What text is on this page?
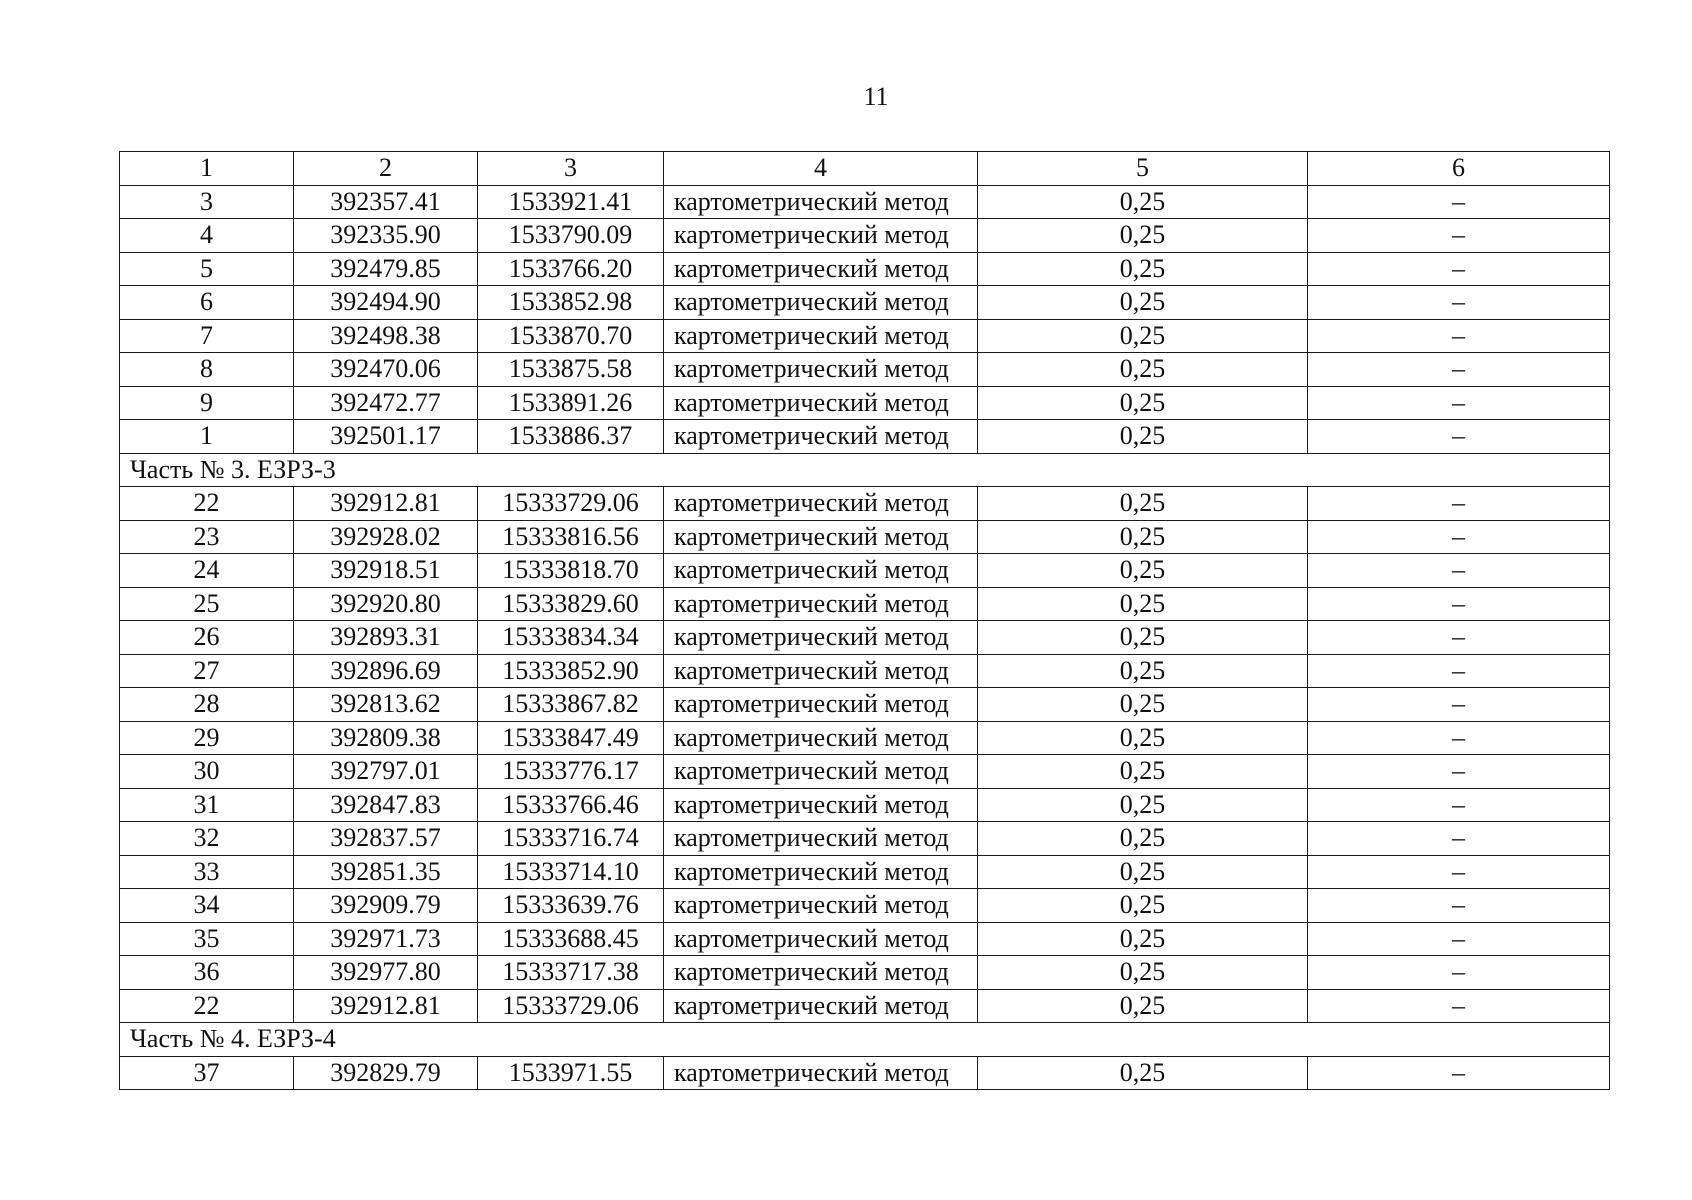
11
1	2	3	4	5	6
3	392357.41	1533921.41	картометрический метод	0,25	–
4	392335.90	1533790.09	картометрический метод	0,25	–
5	392479.85	1533766.20	картометрический метод	0,25	–
6	392494.90	1533852.98	картометрический метод	0,25	–
7	392498.38	1533870.70	картометрический метод	0,25	–
8	392470.06	1533875.58	картометрический метод	0,25	–
9	392472.77	1533891.26	картометрический метод	0,25	–
1	392501.17	1533886.37	картометрический метод	0,25	–
Часть № 3. ЕЗРЗ-3					
22	392912.81	15333729.06	картометрический метод	0,25	–
23	392928.02	15333816.56	картометрический метод	0,25	–
24	392918.51	15333818.70	картометрический метод	0,25	–
25	392920.80	15333829.60	картометрический метод	0,25	–
26	392893.31	15333834.34	картометрический метод	0,25	–
27	392896.69	15333852.90	картометрический метод	0,25	–
28	392813.62	15333867.82	картометрический метод	0,25	–
29	392809.38	15333847.49	картометрический метод	0,25	–
30	392797.01	15333776.17	картометрический метод	0,25	–
31	392847.83	15333766.46	картометрический метод	0,25	–
32	392837.57	15333716.74	картометрический метод	0,25	–
33	392851.35	15333714.10	картометрический метод	0,25	–
34	392909.79	15333639.76	картометрический метод	0,25	–
35	392971.73	15333688.45	картометрический метод	0,25	–
36	392977.80	15333717.38	картометрический метод	0,25	–
22	392912.81	15333729.06	картометрический метод	0,25	–
Часть № 4. ЕЗРЗ-4					
37	392829.79	1533971.55	картометрический метод	0,25	–
